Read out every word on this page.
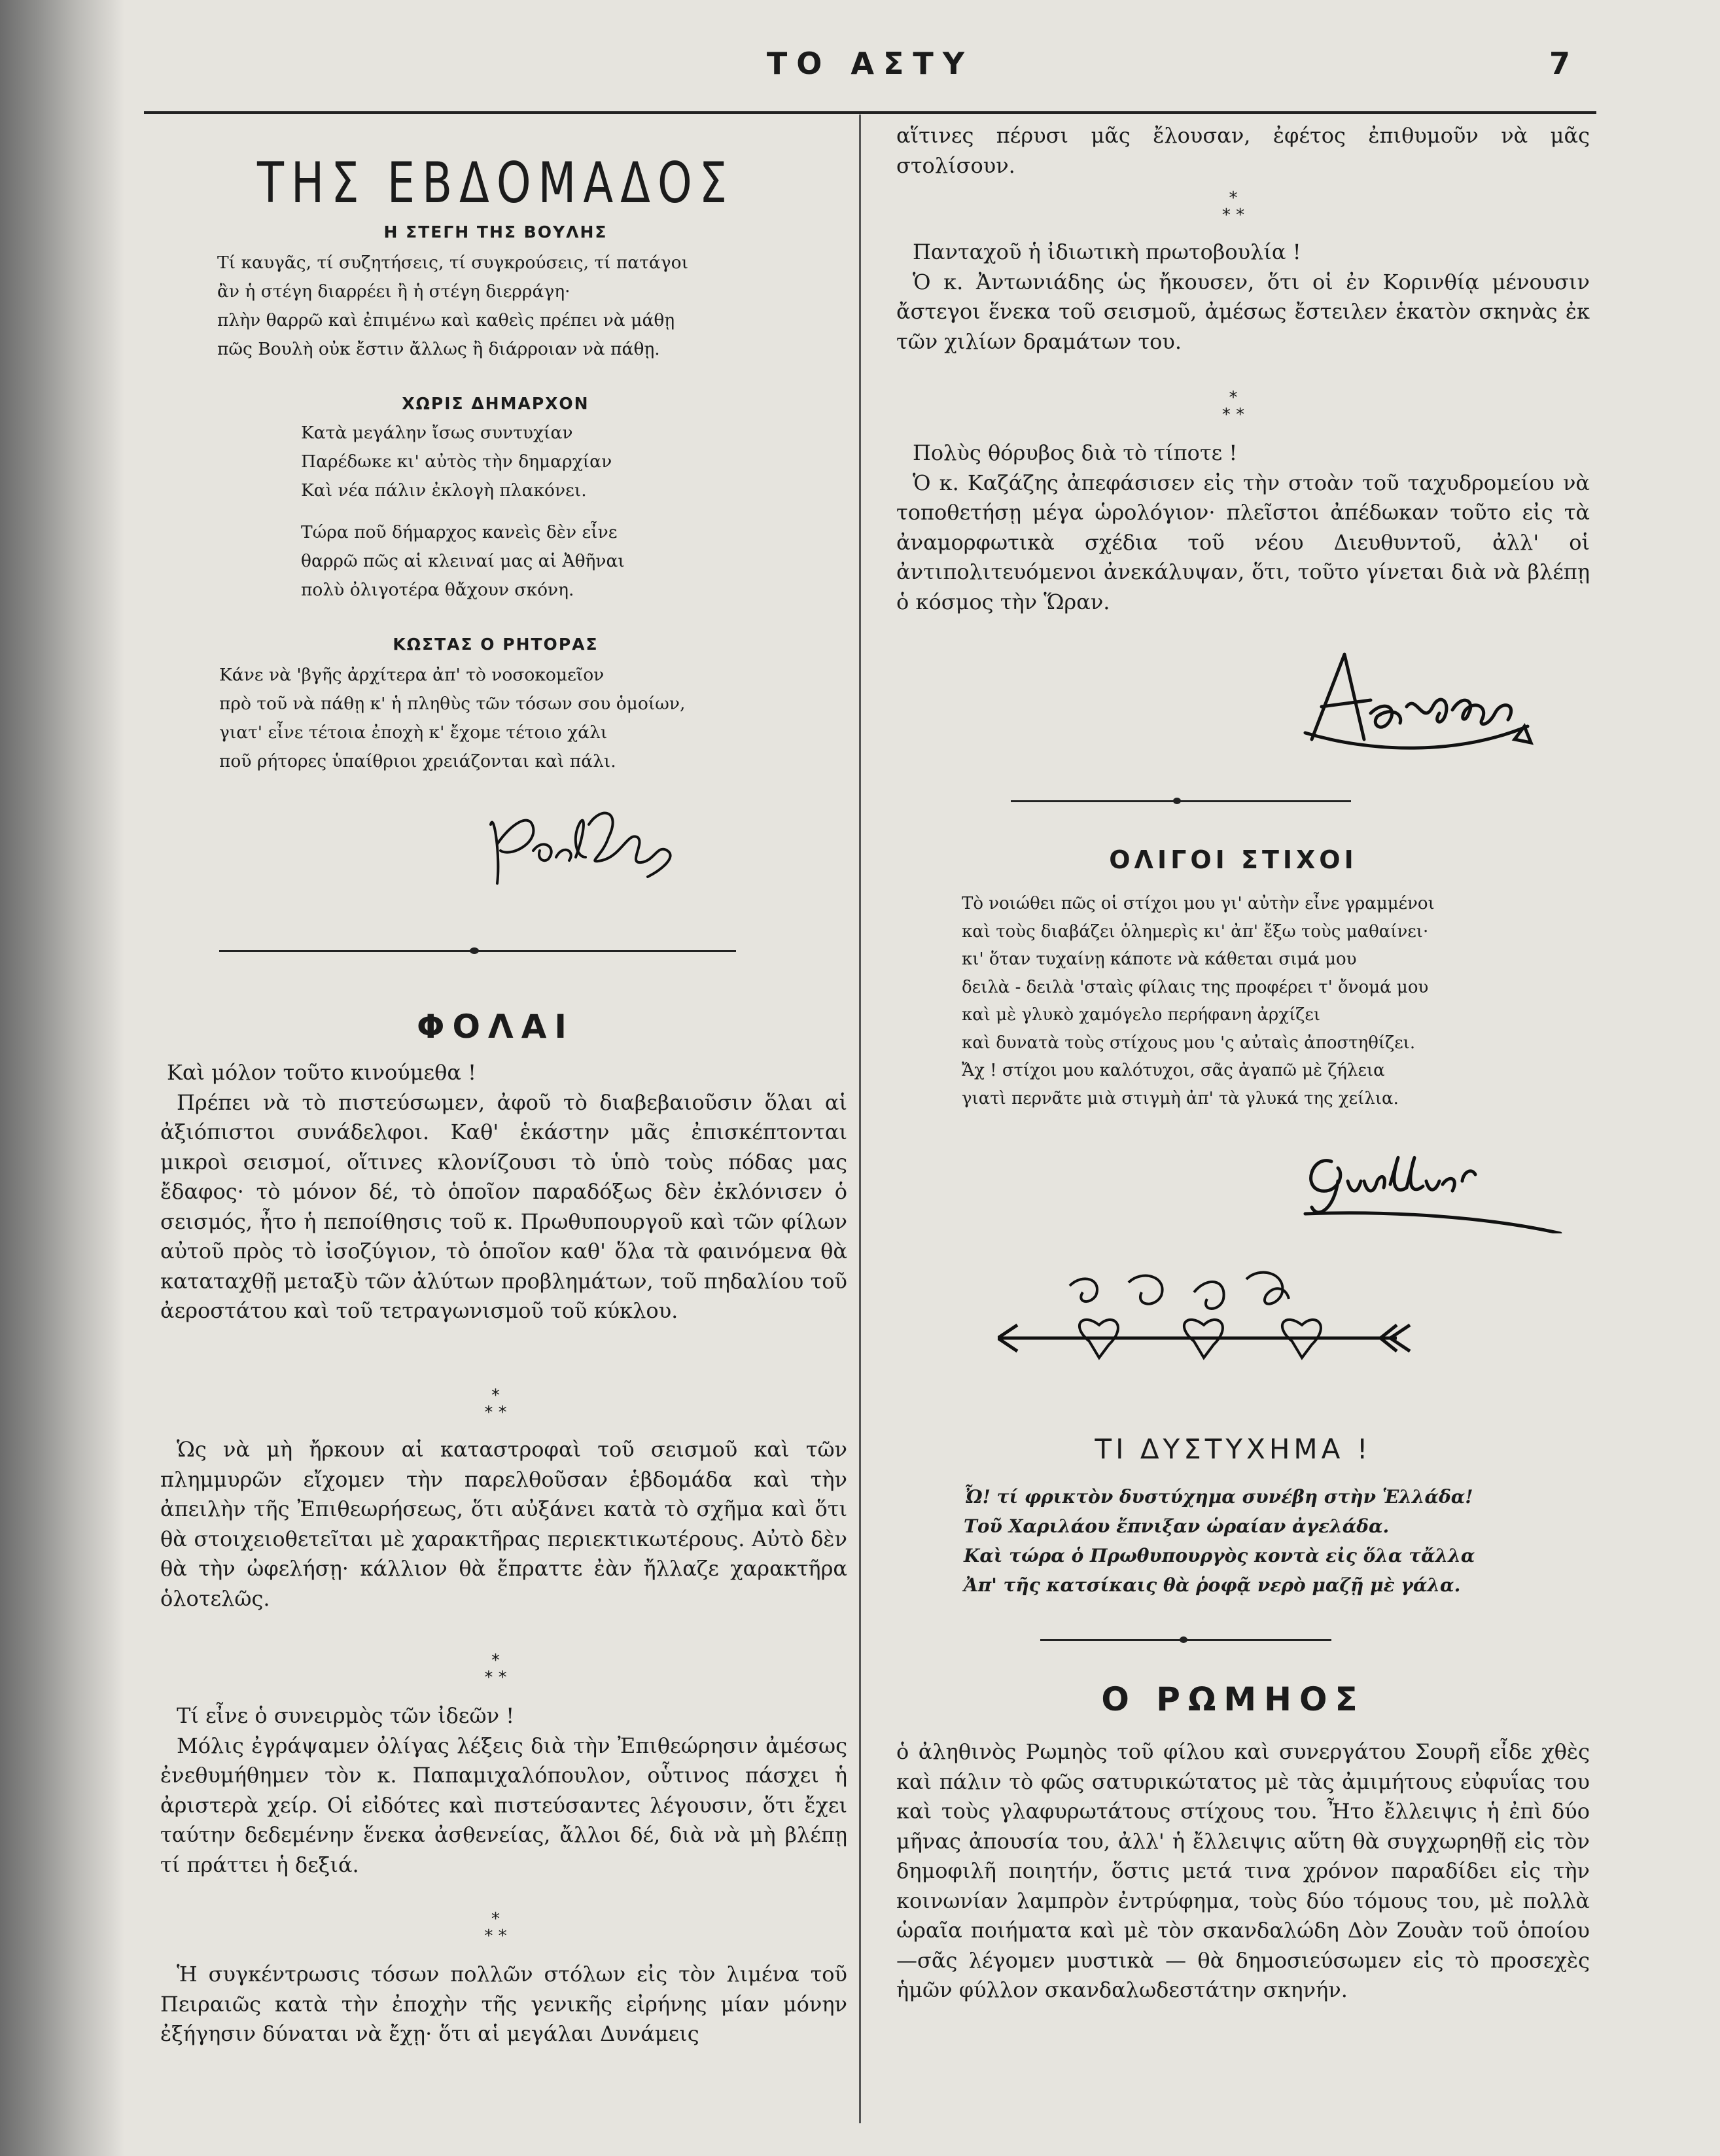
ΤΟ ΑΣΤΥ	7
ΤΗΣ ΕΒΔΟΜΑΔΟΣ
Η ΣΤΕΓΗ ΤΗΣ ΒΟΥΛΗΣ
Τί καυγᾶς, τί συζητήσεις, τί συγκρούσεις, τί πατάγοι
ἂν ἡ στέγη διαρρέει ἢ ἡ στέγη διερράγη·
πλὴν θαρρῶ καὶ ἐπιμένω καὶ καθεὶς πρέπει νὰ μάθῃ
πῶς Βουλὴ οὐκ ἔστιν ἄλλως ἢ διάρροιαν νὰ πάθῃ.
ΧΩΡΙΣ ΔΗΜΑΡΧΟΝ
Κατὰ μεγάλην ἴσως συντυχίαν
Παρέδωκε κι' αὐτὸς τὴν δημαρχίαν
Καὶ νέα πάλιν ἐκλογὴ πλακόνει.
Τώρα ποῦ δήμαρχος κανεὶς δὲν εἶνε
θαρρῶ πῶς αἱ κλειναί μας αἱ Ἀθῆναι
πολὺ ὀλιγοτέρα θἄχουν σκόνη.
ΚΩΣΤΑΣ Ο ΡΗΤΟΡΑΣ
Κάνε νὰ 'βγῆς ἀρχίτερα ἀπ' τὸ νοσοκομεῖον
πρὸ τοῦ νὰ πάθῃ κ' ἡ πληθὺς τῶν τόσων σου ὁμοίων,
γιατ' εἶνε τέτοια ἐποχὴ κ' ἔχομε τέτοιο χάλι
ποῦ ρήτορες ὑπαίθριοι χρειάζονται καὶ πάλι.
ΦΟΛΑΙ

Καὶ μόλον τοῦτο κινούμεθα !

Πρέπει νὰ τὸ πιστεύσωμεν, ἀφοῦ τὸ διαβεβαιοῦσιν ὅλαι αἱ ἀξιόπιστοι συνάδελφοι. Καθ' ἑκάστην μᾶς ἐπισκέπτονται μικροὶ σεισμοί, οἵτινες κλονίζουσι τὸ ὑπὸ τοὺς πόδας μας ἔδαφος· τὸ μόνον δέ, τὸ ὁποῖον παραδόξως δὲν ἐκλόνισεν ὁ σεισμός, ἦτο ἡ πεποίθησις τοῦ κ. Πρωθυπουργοῦ καὶ τῶν φίλων αὐτοῦ πρὸς τὸ ἰσοζύγιον, τὸ ὁποῖον καθ' ὅλα τὰ φαινόμενα θὰ καταταχθῇ μεταξὺ τῶν ἀλύτων προβλημάτων, τοῦ πηδαλίου τοῦ ἀεροστάτου καὶ τοῦ τετραγωνισμοῦ τοῦ κύκλου.

*
* *

Ὡς νὰ μὴ ἤρκουν αἱ καταστροφαὶ τοῦ σεισμοῦ καὶ τῶν πλημμυρῶν εἴχομεν τὴν παρελθοῦσαν ἑβδομάδα καὶ τὴν ἀπειλὴν τῆς Ἐπιθεωρήσεως, ὅτι αὐξάνει κατὰ τὸ σχῆμα καὶ ὅτι θὰ στοιχειοθετεῖται μὲ χαρακτῆρας περιεκτικωτέρους. Αὐτὸ δὲν θὰ τὴν ὠφελήσῃ· κάλλιον θὰ ἔπραττε ἐὰν ἤλλαζε χαρακτῆρα ὁλοτελῶς.

*
* *

Τί εἶνε ὁ συνειρμὸς τῶν ἰδεῶν !

Μόλις ἐγράψαμεν ὀλίγας λέξεις διὰ τὴν Ἐπιθεώρησιν ἀμέσως ἐνεθυμήθημεν τὸν κ. Παπαμιχαλόπουλον, οὗτινος πάσχει ἡ ἀριστερὰ χείρ. Οἱ εἰδότες καὶ πιστεύσαντες λέγουσιν, ὅτι ἔχει ταύτην δεδεμένην ἕνεκα ἀσθενείας, ἄλλοι δέ, διὰ νὰ μὴ βλέπῃ τί πράττει ἡ δεξιά.

*
* *

Ἡ συγκέντρωσις τόσων πολλῶν στόλων εἰς τὸν λιμένα τοῦ Πειραιῶς κατὰ τὴν ἐποχὴν τῆς γενικῆς εἰρήνης μίαν μόνην ἐξήγησιν δύναται νὰ ἔχῃ· ὅτι αἱ μεγάλαι Δυνάμεις

αἵτινες πέρυσι μᾶς ἔλουσαν, ἐφέτος ἐπιθυμοῦν νὰ μᾶς στολίσουν.

*
* *

Πανταχοῦ ἡ ἰδιωτικὴ πρωτοβουλία !

Ὁ κ. Ἀντωνιάδης ὡς ἤκουσεν, ὅτι οἱ ἐν Κορινθίᾳ μένουσιν ἄστεγοι ἕνεκα τοῦ σεισμοῦ, ἀμέσως ἔστειλεν ἑκατὸν σκηνὰς ἐκ τῶν χιλίων δραμάτων του.

*
* *

Πολὺς θόρυβος διὰ τὸ τίποτε !

Ὁ κ. Καζάζης ἀπεφάσισεν εἰς τὴν στοὰν τοῦ ταχυδρομείου νὰ τοποθετήσῃ μέγα ὡρολόγιον· πλεῖστοι ἀπέδωκαν τοῦτο εἰς τὰ ἀναμορφωτικὰ σχέδια τοῦ νέου Διευθυντοῦ, ἀλλ' οἱ ἀντιπολιτευόμενοι ἀνεκάλυψαν, ὅτι, τοῦτο γίνεται διὰ νὰ βλέπῃ ὁ κόσμος τὴν Ὥραν.

ΟΛΙΓΟΙ ΣΤΙΧΟΙ
Τὸ νοιώθει πῶς οἱ στίχοι μου γι' αὐτὴν εἶνε γραμμένοι
καὶ τοὺς διαβάζει ὁλημερὶς κι' ἀπ' ἔξω τοὺς μαθαίνει·
κι' ὅταν τυχαίνῃ κάποτε νὰ κάθεται σιμά μου
δειλὰ - δειλὰ 'σταὶς φίλαις της προφέρει τ' ὄνομά μου
καὶ μὲ γλυκὸ χαμόγελο περήφανη ἀρχίζει
καὶ δυνατὰ τοὺς στίχους μου 'ς αὐταὶς ἀποστηθίζει.
Ἄχ ! στίχοι μου καλότυχοι, σᾶς ἀγαπῶ μὲ ζήλεια
γιατὶ περνᾶτε μιὰ στιγμὴ ἀπ' τὰ γλυκά της χείλια.
ΤΙ ΔΥΣΤΥΧΗΜΑ !
Ὦ! τί φρικτὸν δυστύχημα συνέβη στὴν Ἑλλάδα!
Τοῦ Χαριλάου ἔπνιξαν ὡραίαν ἀγελάδα.
Καὶ τώρα ὁ Πρωθυπουργὸς κοντὰ εἰς ὅλα τἄλλα
Ἀπ' τῆς κατσίκαις θὰ ῥοφᾷ νερὸ μαζῇ μὲ γάλα.
Ο ΡΩΜΗΟΣ

ὁ ἀληθινὸς Ρωμηὸς τοῦ φίλου καὶ συνεργάτου Σουρῆ εἶδε χθὲς καὶ πάλιν τὸ φῶς σατυρικώτατος μὲ τὰς ἀμιμήτους εὐφυΐας του καὶ τοὺς γλαφυρωτάτους στίχους του. Ἦτο ἔλλειψις ἡ ἐπὶ δύο μῆνας ἀπουσία του, ἀλλ' ἡ ἔλλειψις αὕτη θὰ συγχωρηθῇ εἰς τὸν δημοφιλῆ ποιητήν, ὅστις μετά τινα χρόνον παραδίδει εἰς τὴν κοινωνίαν λαμπρὸν ἐντρύφημα, τοὺς δύο τόμους του, μὲ πολλὰ ὡραῖα ποιήματα καὶ μὲ τὸν σκανδαλώδη Δὸν Ζουὰν τοῦ ὁποίου—σᾶς λέγομεν μυστικὰ — θὰ δημοσιεύσωμεν εἰς τὸ προσεχὲς ἡμῶν φύλλον σκανδαλωδεστάτην σκηνήν.
